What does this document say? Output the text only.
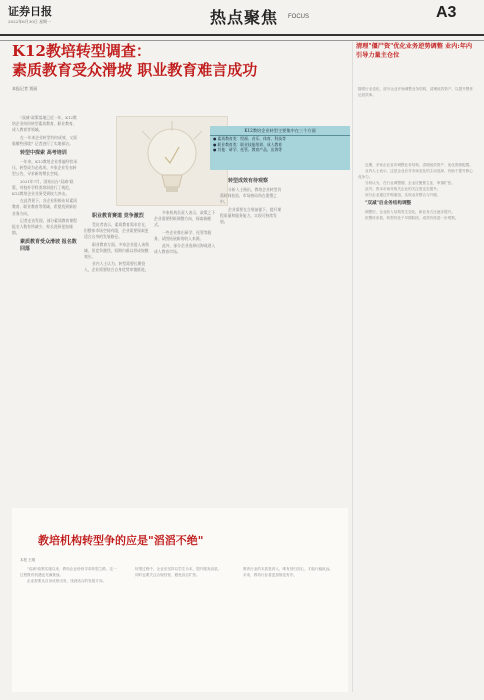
证券日报
2022年6月30日 星期一	热点聚焦 FOCUS	A3
K12教培转型调查：
素质教育受众滑坡 职业教育难言成功
本报记者 贾丽

"双减"政策落地已近一年，K12教培企业纷纷转型素质教育、职业教育、成人教育等领域。

在一年来企业转型有何成效，又面临哪些困境？记者进行了实地探访。

转型中探索 高考培训

一年来，K12教培企业普遍经营承压，转型成为必选项。多家企业发布转型公告，寻求新的增长空间。

2021年7月，国家出台"双减"政策，对校外学科类培训进行了规范，K12教培企业业务受到较大冲击。

在此背景下，各企业积极布局素质教育、职业教育等领域，希望找到新的业务方向。

记者走访发现，部分素质教育课程报名人数有所减少，家长选择更加谨慎。

素质教育受众滑坡 报名数回落
K12教培企业转型主要集中在三个方面
● 素质教育类：绘画、音乐、体育、科技等
● 职业教育类：职业技能培训、成人教育
● 其他：研学、托管、教育产品、出海等
职业教育赛道 竞争激烈

受访者表示，素质教育需求存在，但整体市场空间有限，企业需要探索更适合自身的发展路径。

职业教育方面，多家企业进入该领域，但竞争激烈，短期内难以形成规模效应。

业内人士认为，转型需要长期投入，企业需要结合自身优势审慎推进。

多家机构负责人表示，政策之下企业需要积极调整方向，探索新模式。

一些企业推出研学、托管等服务，试图拓展新的收入来源。

此外，部分企业选择出海或进入成人教育市场。

转型成效有待观察

分析人士指出，教培企业转型仍需时间检验，市场格局尚在重塑之中。

企业需要在合规前提下，提升课程质量和服务能力，实现可持续发展。

教培机构转型争的应是"滔滔不绝"
本报 王刚

"双减"政策实施以来，教培企业纷纷寻求转型之路，这一过程既有机遇也充满挑战。

企业需要从自身优势出发，找到适合的发展方向。

转型过程中，企业应坚持以学生为本，提升服务品质。

同时也要关注合规经营，避免盲目扩张。

教育行业的本质是育人，唯有回归初心，才能行稳致远。

未来，教培行业将更加规范有序。

清理"僵尸资"优化业务逆势调整 业内:年内引导力量主仓位
随着行业变化，部分企业开始调整业务结构，清理低效资产，以提升整体运营效率。

近期，多家企业宣布调整业务结构，清理低效资产，优化资源配置。

业内人士表示，这是企业应对市场变化的主动选择，有助于提升核心竞争力。

分析认为，在行业调整期，企业应聚焦主业，审慎扩张。

此外，资本市场对相关企业的关注度也在提升。

部分企业通过并购重组，实现业务整合与升级。

"双减"后业务结构调整

调整后，企业收入结构发生变化，新业务占比逐步提升。

但整体来看，转型仍处于早期阶段，成效有待进一步观察。
